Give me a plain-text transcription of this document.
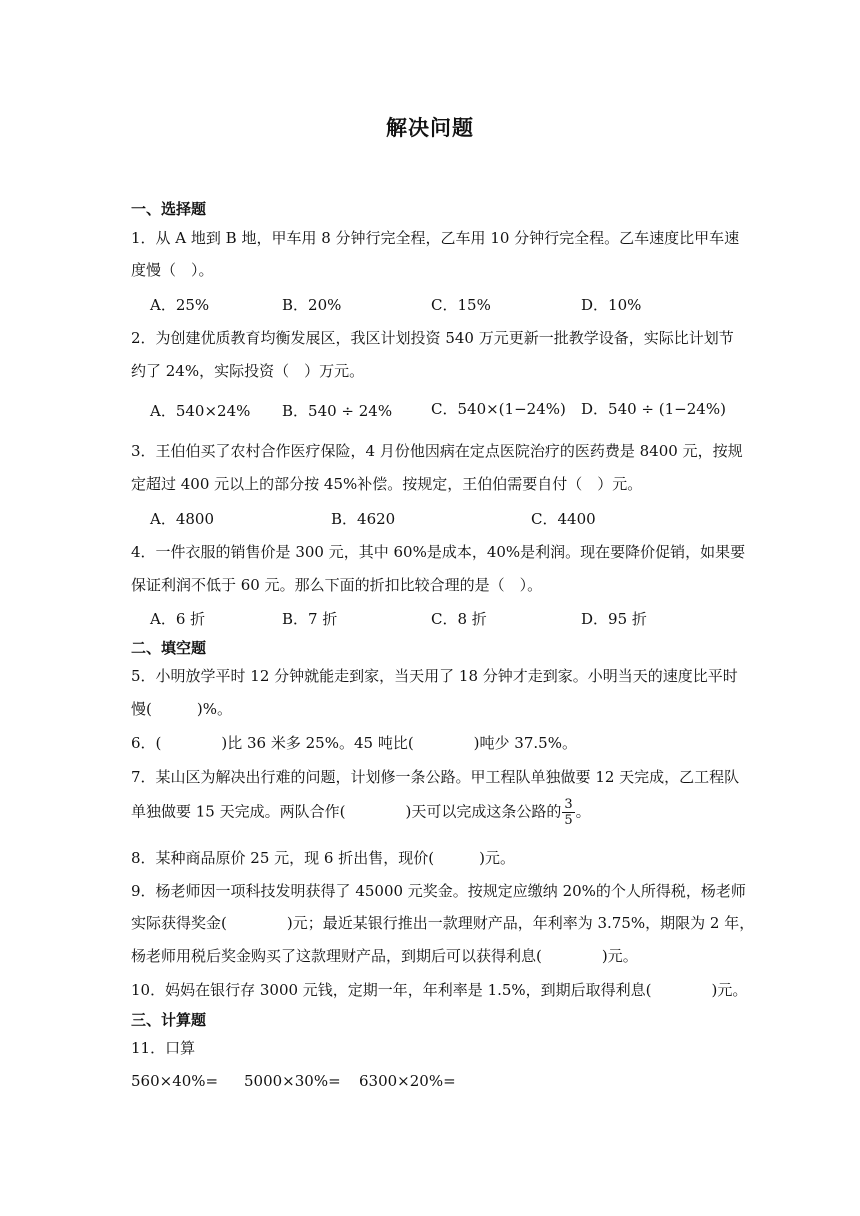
解决问题
一、选择题
1．从 A 地到 B 地，甲车用 8 分钟行完全程，乙车用 10 分钟行完全程。乙车速度比甲车速
度慢（　）。
A．25%	B．20%	C．15%	D．10%
2．为创建优质教育均衡发展区，我区计划投资 540 万元更新一批教学设备，实际比计划节
约了 24%，实际投资（　）万元。
A．540×24% B．540 ÷ 24%	C．540×(1−24%) D．540 ÷ (1−24%)
3．王伯伯买了农村合作医疗保险，4 月份他因病在定点医院治疗的医药费是 8400 元，按规
定超过 400 元以上的部分按 45%补偿。按规定，王伯伯需要自付（　）元。
A．4800	B．4620	C．4400
4．一件衣服的销售价是 300 元，其中 60%是成本，40%是利润。现在要降价促销，如果要
保证利润不低于 60 元。那么下面的折扣比较合理的是（　）。
A．6 折	B．7 折	C．8 折	D．95 折
二、填空题
5．小明放学平时 12 分钟就能走到家，当天用了 18 分钟才走到家。小明当天的速度比平时
慢(　　　)%。
6．(　　　　)比 36 米多 25%。45 吨比(　　　　)吨少 37.5%。
7．某山区为解决出行难的问题，计划修一条公路。甲工程队单独做要 12 天完成，乙工程队
单独做要 15 天完成。两队合作(　　　　)天可以完成这条公路的 $\frac{3}{5}$ 。
8．某种商品原价 25 元，现 6 折出售，现价(　　　)元。
9．杨老师因一项科技发明获得了 45000 元奖金。按规定应缴纳 20%的个人所得税，杨老师
实际获得奖金(　　　　)元；最近某银行推出一款理财产品，年利率为 3.75%，期限为 2 年，
杨老师用税后奖金购买了这款理财产品，到期后可以获得利息(　　　　)元。
10．妈妈在银行存 3000 元钱，定期一年，年利率是 1.5%，到期后取得利息(　　　　)元。
三、计算题
11．口算
560×40%= 5000×30%= 6300×20%=
